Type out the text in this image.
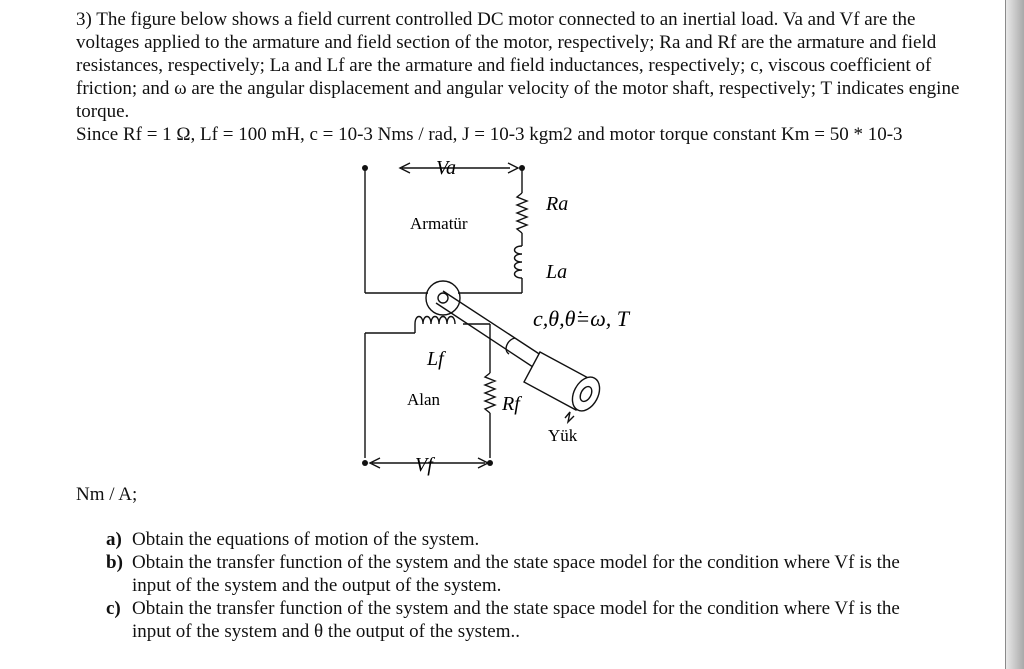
3) The figure below shows a field current controlled DC motor connected to an inertial load. Va and Vf are the voltages applied to the armature and field section of the motor, respectively; Ra and Rf are the armature and field resistances, respectively; La and Lf are the armature and field inductances, respectively; c, viscous coefficient of friction; and ω are the angular displacement and angular velocity of the motor shaft, respectively; T indicates engine torque.

Since Rf = 1 Ω, Lf = 100 mH, c = 10-3 Nms / rad, J = 10-3 kgm2 and motor torque constant Km = 50 * 10-3

Va
Ra
La
Armatür
c,θ,θ̇=ω, T
Lf
Alan	Rf
Yük
Vf
Nm / A;
a) Obtain the equations of motion of the system.
b) Obtain the transfer function of the system and the state space model for the condition where Vf is the input of the system and the output of the system.
c) Obtain the transfer function of the system and the state space model for the condition where Vf is the input of the system and θ the output of the system..
